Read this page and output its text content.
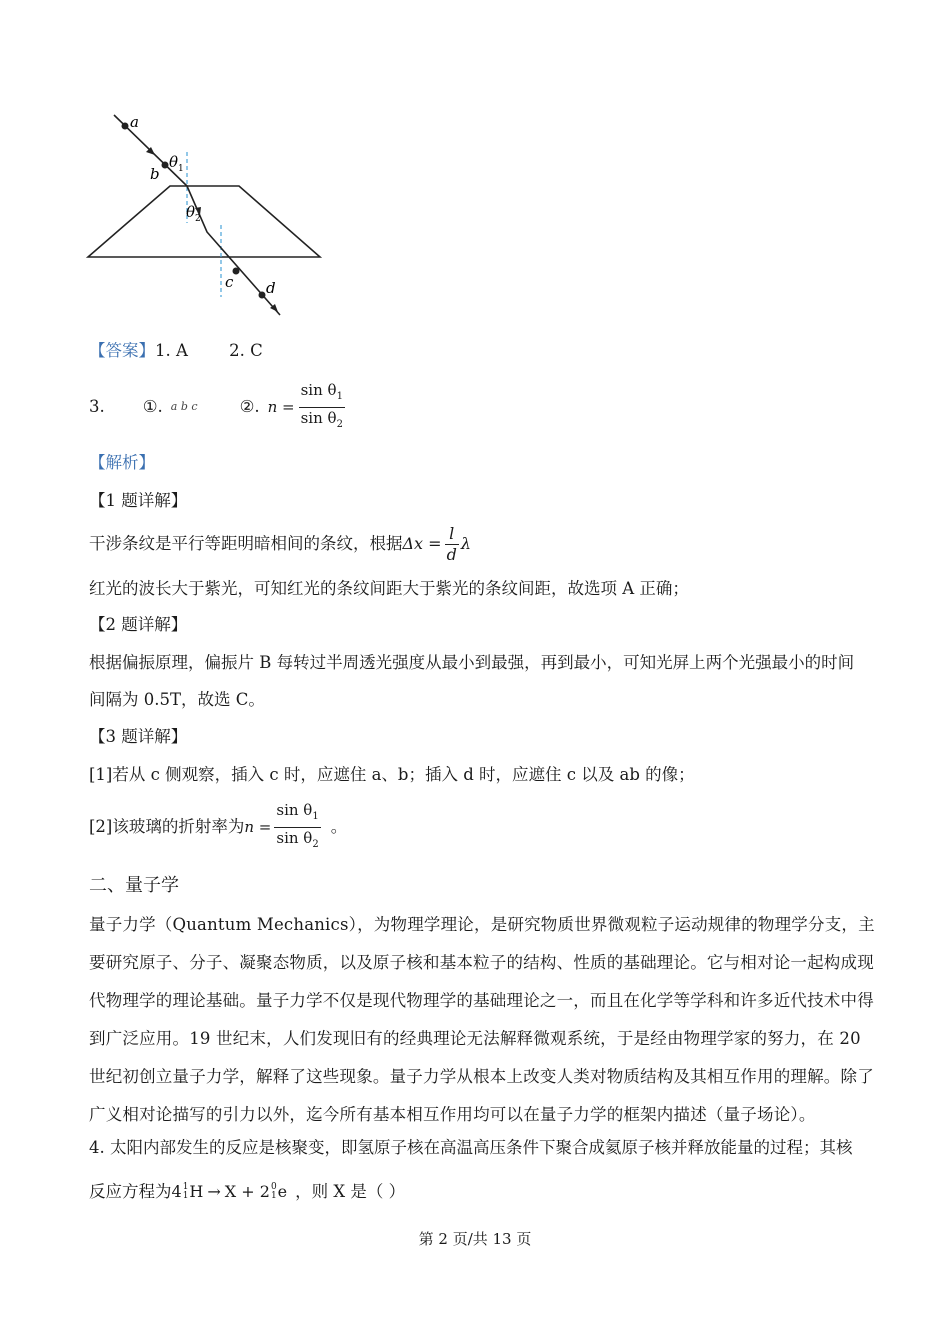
a
b
c d
θ 1
θ 2
【答案】1. A	2. C
3. ①. a b c	②. $n = \frac{\sin \theta_1}{\sin \theta_2}$
【解析】
【1 题详解】
干涉条纹是平行等距明暗相间的条纹，根据 $\Delta x = \frac{l}{d}$ λ
红光的波长大于紫光，可知红光的条纹间距大于紫光的条纹间距，故选项 A 正确；
【2 题详解】
根据偏振原理，偏振片 B 每转过半周透光强度从最小到最强，再到最小，可知光屏上两个光强最小的时间
间隔为 0.5T，故选 C。
【3 题详解】
[1]若从 c 侧观察，插入 c 时，应遮住 a、b；插入 d 时，应遮住 c 以及 ab 的像；
[2]该玻璃的折射率为 $n = \frac{\sin \theta_1}{\sin \theta_2}$ 。
二、量子学
量子力学（Quantum Mechanics），为物理学理论，是研究物质世界微观粒子运动规律的物理学分支，主要研究原子、分子、凝聚态物质，以及原子核和基本粒子的结构、性质的基础理论。它与相对论一起构成现代物理学的理论基础。量子力学不仅是现代物理学的基础理论之一，而且在化学等学科和许多近代技术中得到广泛应用。19 世纪末，人们发现旧有的经典理论无法解释微观系统，于是经由物理学家的努力，在 20 世纪初创立量子力学，解释了这些现象。量子力学从根本上改变人类对物质结构及其相互作用的理解。除了广义相对论描写的引力以外，迄今所有基本相互作用均可以在量子力学的框架内描述（量子场论）。
4. 太阳内部发生的反应是核聚变，即氢原子核在高温高压条件下聚合成氦原子核并释放能量的过程；其核
反应方程为 4 1
1 H → X + 2 0
1 e ，则 X 是（ ）
第 2 页/共 13 页
